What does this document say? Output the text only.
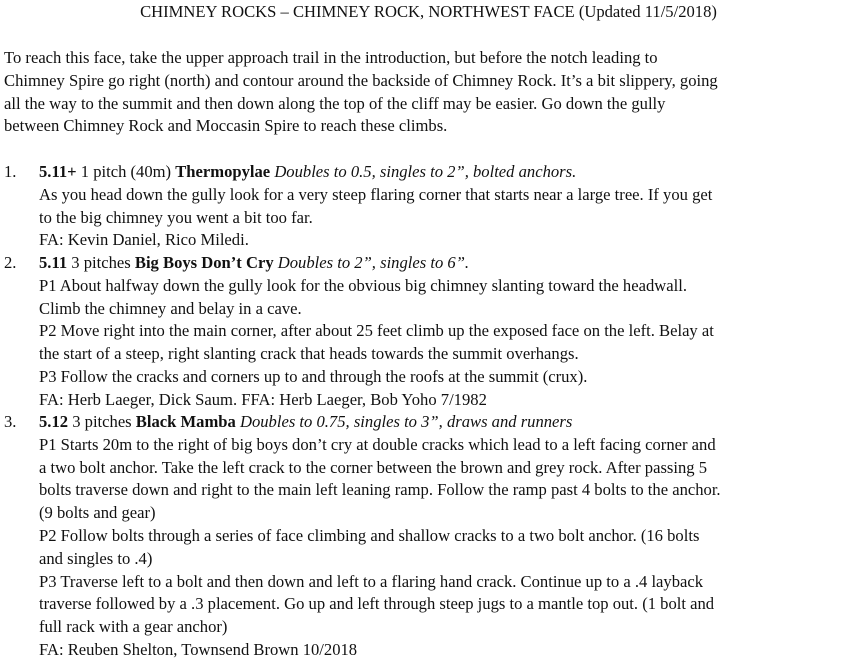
CHIMNEY ROCKS – CHIMNEY ROCK, NORTHWEST FACE (Updated 11/5/2018)
To reach this face, take the upper approach trail in the introduction, but before the notch leading to
Chimney Spire go right (north) and contour around the backside of Chimney Rock. It’s a bit slippery, going
all the way to the summit and then down along the top of the cliff may be easier. Go down the gully
between Chimney Rock and Moccasin Spire to reach these climbs.
1. 5.11+ 1 pitch (40m) Thermopylae Doubles to 0.5, singles to 2”, bolted anchors.
As you head down the gully look for a very steep flaring corner that starts near a large tree. If you get
to the big chimney you went a bit too far.
FA: Kevin Daniel, Rico Miledi.
2. 5.11 3 pitches Big Boys Don’t Cry Doubles to 2”, singles to 6”.
P1 About halfway down the gully look for the obvious big chimney slanting toward the headwall.
Climb the chimney and belay in a cave.
P2 Move right into the main corner, after about 25 feet climb up the exposed face on the left. Belay at
the start of a steep, right slanting crack that heads towards the summit overhangs.
P3 Follow the cracks and corners up to and through the roofs at the summit (crux).
FA: Herb Laeger, Dick Saum. FFA: Herb Laeger, Bob Yoho 7/1982
3. 5.12 3 pitches Black Mamba Doubles to 0.75, singles to 3”, draws and runners
P1 Starts 20m to the right of big boys don’t cry at double cracks which lead to a left facing corner and
a two bolt anchor. Take the left crack to the corner between the brown and grey rock. After passing 5
bolts traverse down and right to the main left leaning ramp. Follow the ramp past 4 bolts to the anchor.
(9 bolts and gear)
P2 Follow bolts through a series of face climbing and shallow cracks to a two bolt anchor. (16 bolts
and singles to .4)
P3 Traverse left to a bolt and then down and left to a flaring hand crack. Continue up to a .4 layback
traverse followed by a .3 placement. Go up and left through steep jugs to a mantle top out. (1 bolt and
full rack with a gear anchor)
FA: Reuben Shelton, Townsend Brown 10/2018
